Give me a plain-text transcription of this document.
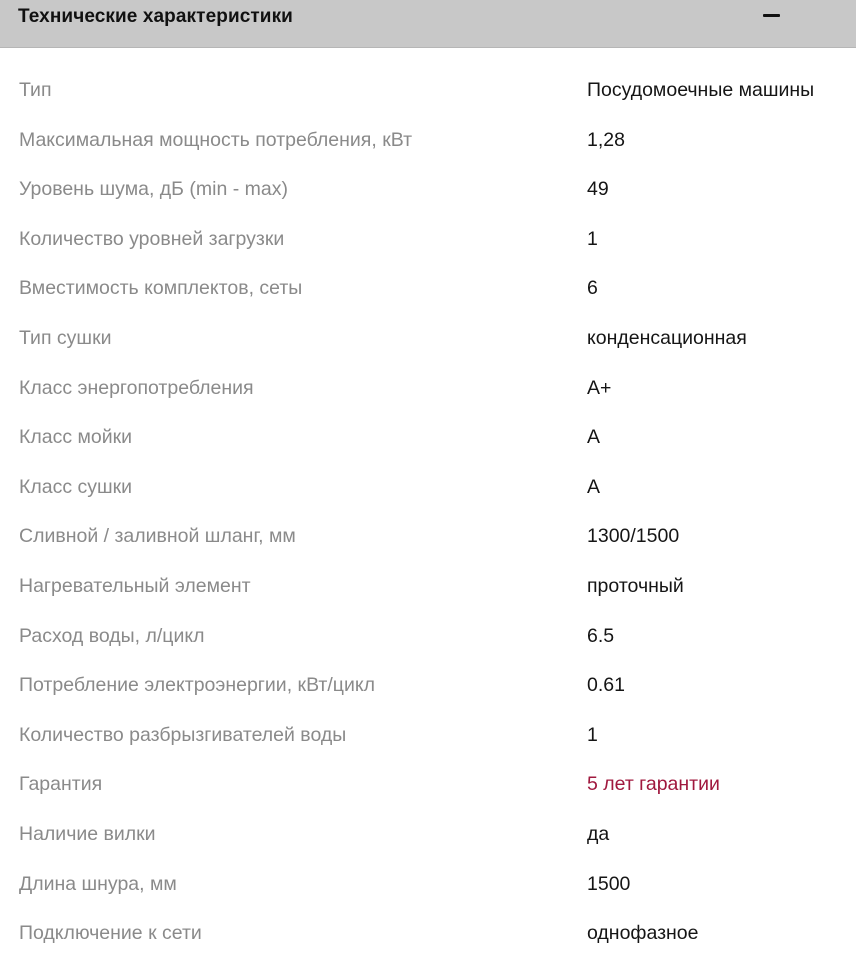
Технические характеристики
Тип	Посудомоечные машины
Максимальная мощность потребления, кВт	1,28
Уровень шума, дБ (min - max)	49
Количество уровней загрузки	1
Вместимость комплектов, сеты	6
Тип сушки	конденсационная
Класс энергопотребления	A+
Класс мойки	A
Класс сушки	A
Сливной / заливной шланг, мм	1300/1500
Нагревательный элемент	проточный
Расход воды, л/цикл	6.5
Потребление электроэнергии, кВт/цикл	0.61
Количество разбрызгивателей воды	1
Гарантия	5 лет гарантии
Наличие вилки	да
Длина шнура, мм	1500
Подключение к сети	однофазное
